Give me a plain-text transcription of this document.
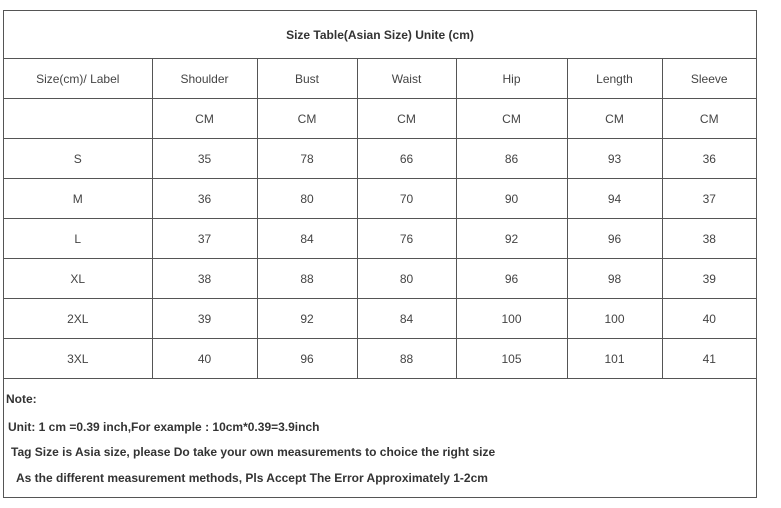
Size Table(Asian Size) Unite (cm)
Size(cm)/ Label	Shoulder	Bust	Waist	Hip	Length	Sleeve
	CM	CM	CM	CM	CM	CM
S	35	78	66	86	93	36
M	36	80	70	90	94	37
L	37	84	76	92	96	38
XL	38	88	80	96	98	39
2XL	39	92	84	100	100	40
3XL	40	96	88	105	101	41
Note:
Unit: 1 cm =0.39 inch,For example : 10cm*0.39=3.9inch
Tag Size is Asia size, please Do take your own measurements to choice the right size
As the different measurement methods, Pls Accept The Error Approximately 1-2cm
